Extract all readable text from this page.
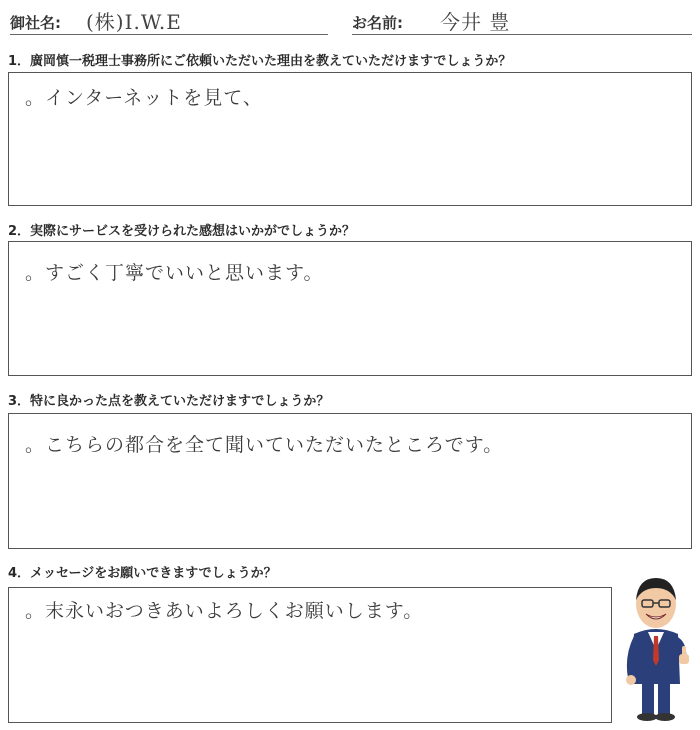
御社名: (株)I.W.E	お名前: 今井 豊
1．廣岡慎一税理士事務所にご依頼いただいた理由を教えていただけますでしょうか？
。インターネットを見て、
2．実際にサービスを受けられた感想はいかがでしょうか？
。すごく丁寧でいいと思います。
3．特に良かった点を教えていただけますでしょうか？
。こちらの都合を全て聞いていただいたところです。
4．メッセージをお願いできますでしょうか？
。末永いおつきあいよろしくお願いします。
